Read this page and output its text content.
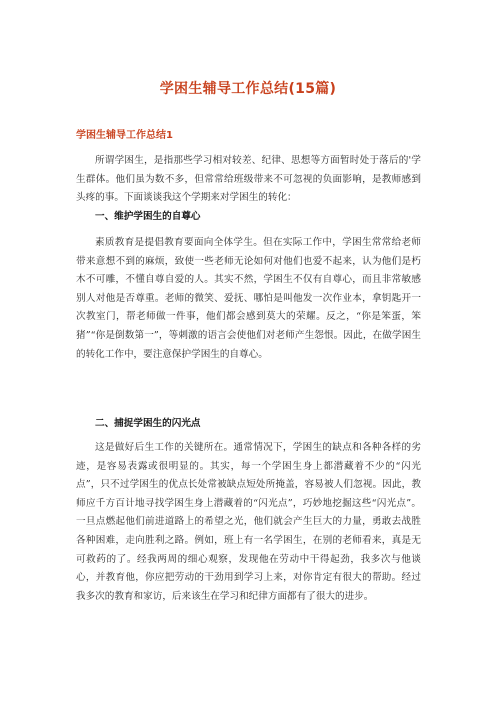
学困生辅导工作总结(15篇)
学困生辅导工作总结1

所谓学困生，是指那些学习相对较差、纪律、思想等方面暂时处于落后的'学生群体。他们虽为数不多，但常常给班级带来不可忽视的负面影响，是教师感到头疼的事。下面谈谈我这个学期来对学困生的转化：

一、维护学困生的自尊心

素质教育是提倡教育要面向全体学生。但在实际工作中，学困生常常给老师带来意想不到的麻烦，致使一些老师无论如何对他们也爱不起来，认为他们是朽木不可雕，不懂自尊自爱的人。其实不然，学困生不仅有自尊心，而且非常敏感别人对他是否尊重。老师的微笑、爱抚、哪怕是叫他发一次作业本，拿钥匙开一次教室门，帮老师做一件事，他们都会感到莫大的荣耀。反之，“你是笨蛋，笨猪”“你是倒数第一”，等刺激的语言会使他们对老师产生怨恨。因此，在做学困生的转化工作中，要注意保护学困生的自尊心。

二、捕捉学困生的闪光点

这是做好后生工作的关键所在。通常情况下，学困生的缺点和各种各样的劣迹，是容易表露或很明显的。其实，每一个学困生身上都潜藏着不少的“闪光点”，只不过学困生的优点长处常被缺点短处所掩盖，容易被人们忽视。因此，教师应千方百计地寻找学困生身上潜藏着的“闪光点”，巧妙地挖掘这些“闪光点”。一旦点燃起他们前进道路上的希望之光，他们就会产生巨大的力量，勇敢去战胜各种困难，走向胜利之路。例如，班上有一名学困生，在别的老师看来，真是无可救药的了。经我两周的细心观察，发现他在劳动中干得起劲，我多次与他谈心，并教育他，你应把劳动的干劲用到学习上来，对你肯定有很大的帮助。经过我多次的教育和家访，后来该生在学习和纪律方面都有了很大的进步。
